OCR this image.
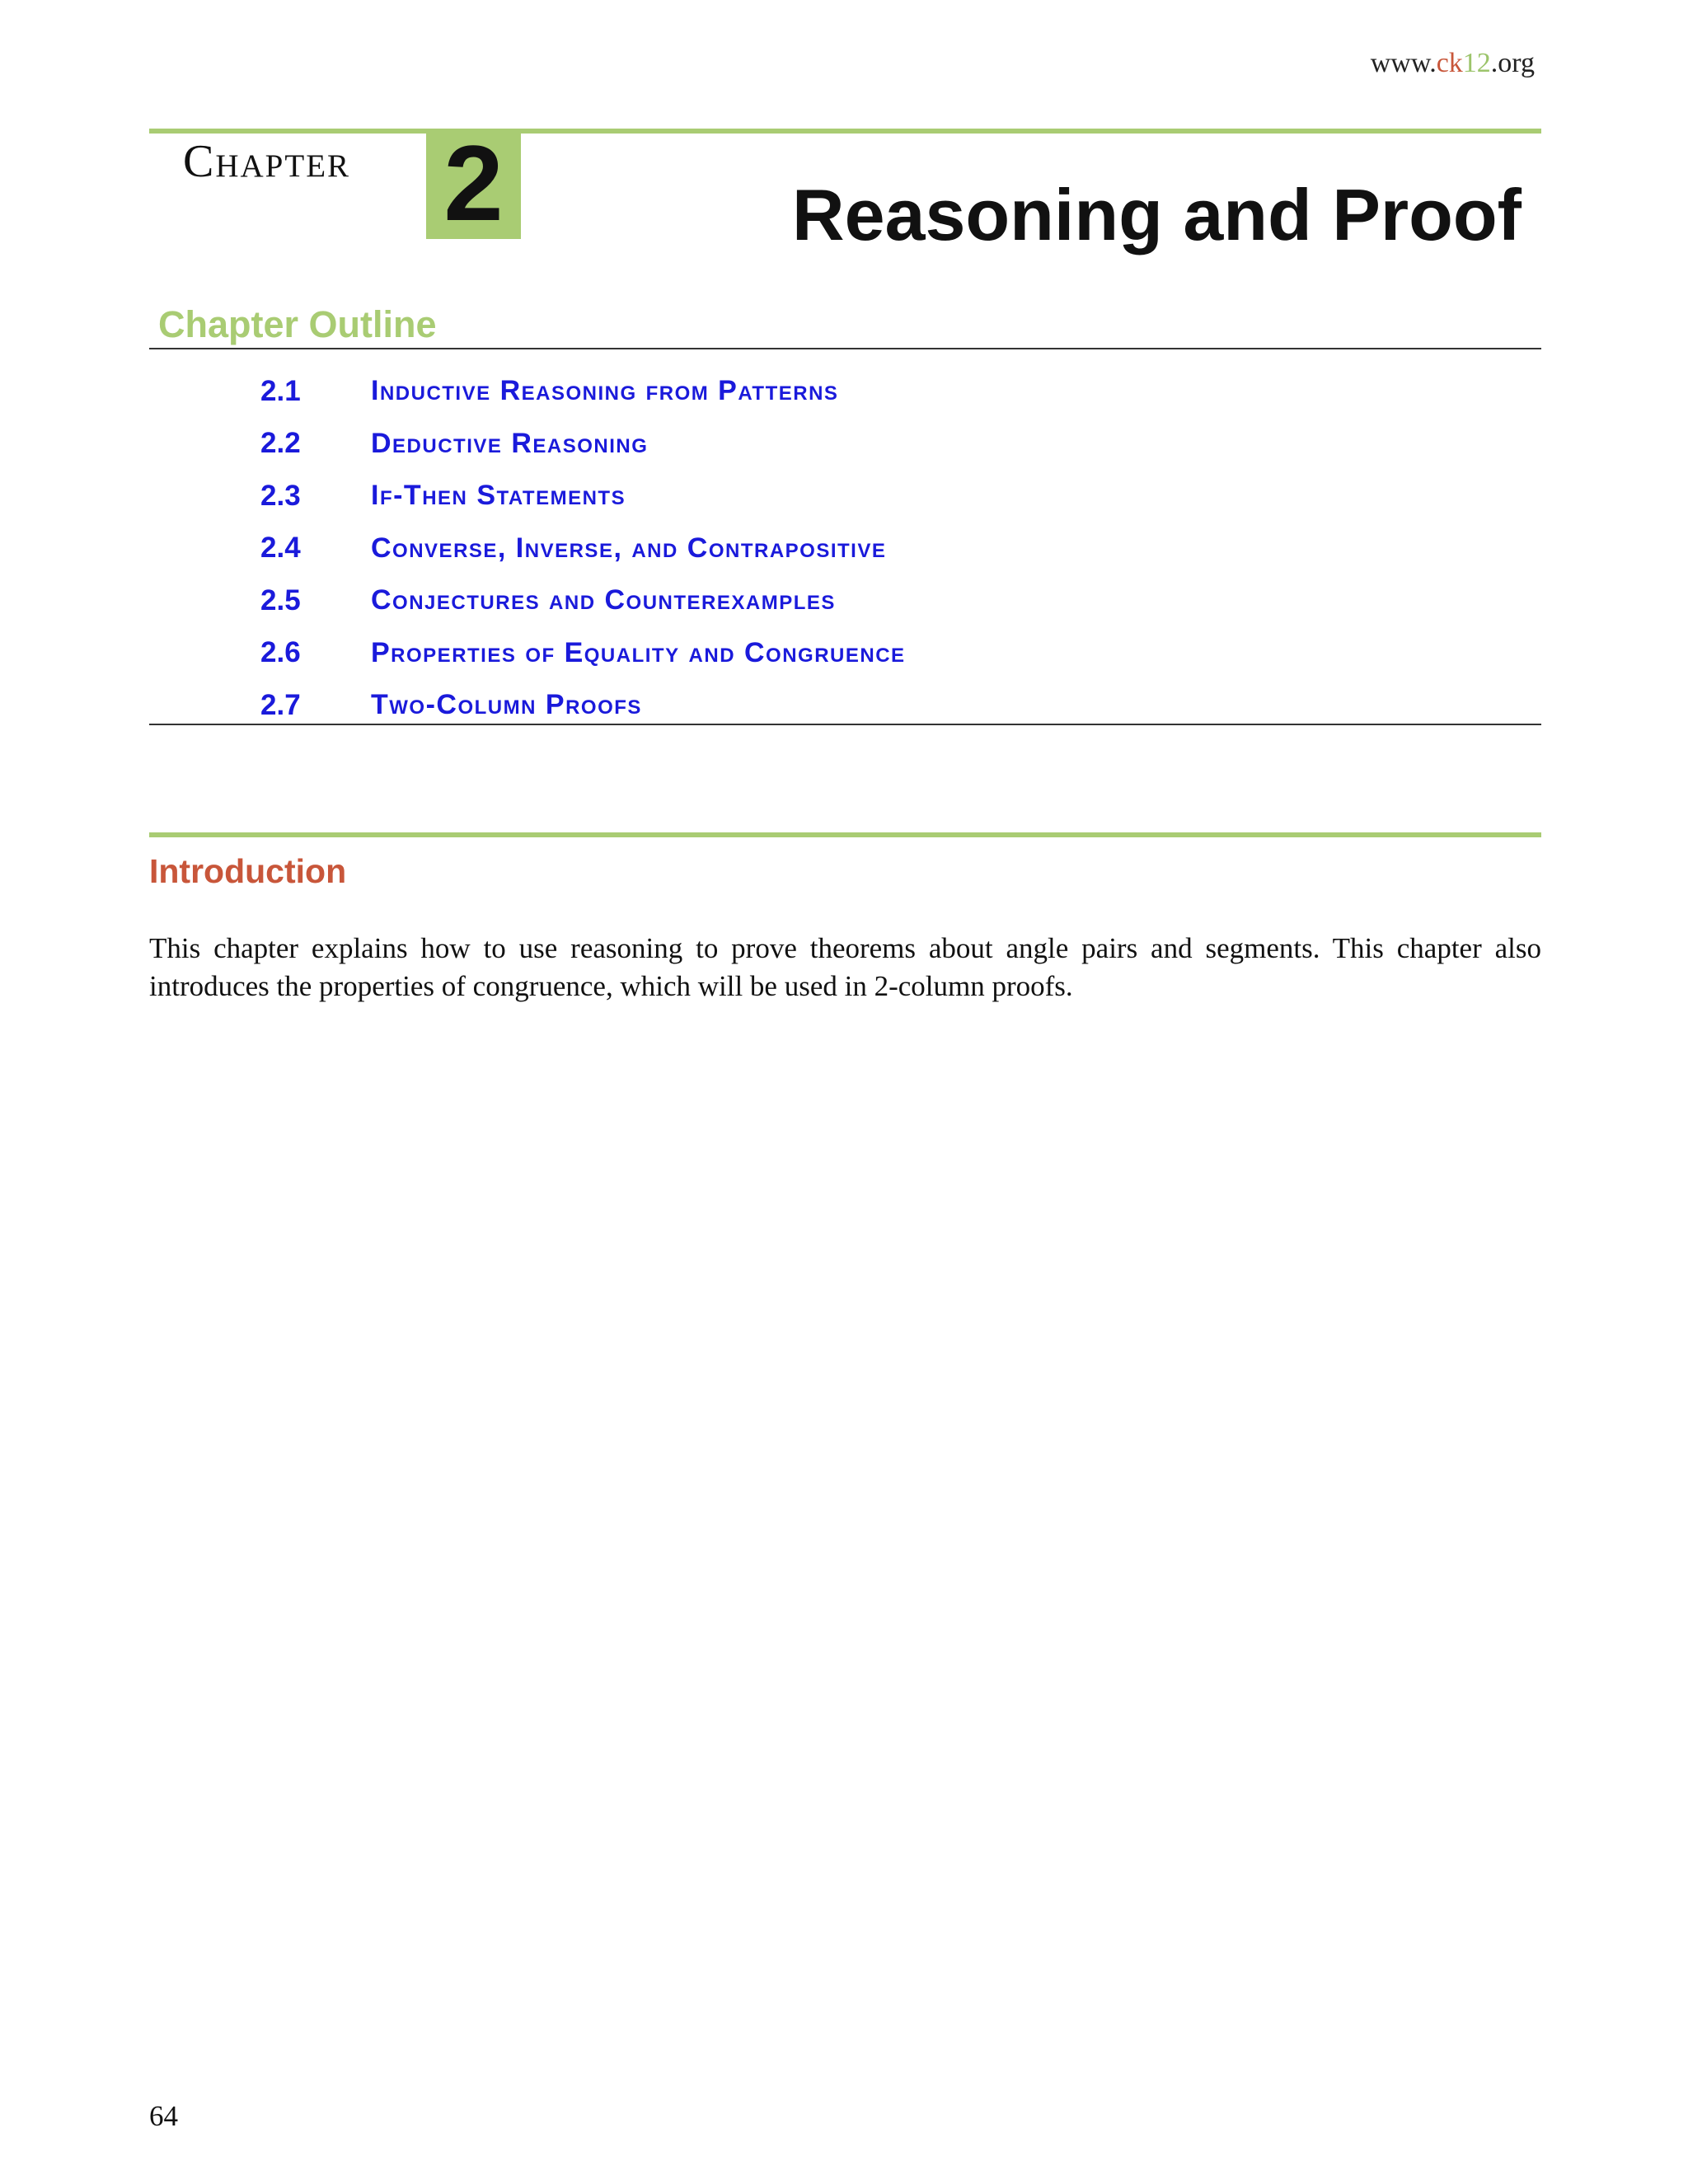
www.ck12.org
Chapter 2	Reasoning and Proof
Chapter Outline
2.1	Inductive Reasoning from Patterns
2.2	Deductive Reasoning
2.3	If-Then Statements
2.4	Converse, Inverse, and Contrapositive
2.5	Conjectures and Counterexamples
2.6	Properties of Equality and Congruence
2.7	Two-Column Proofs
Introduction

This chapter explains how to use reasoning to prove theorems about angle pairs and segments. This chapter also introduces the properties of congruence, which will be used in 2-column proofs.

64
